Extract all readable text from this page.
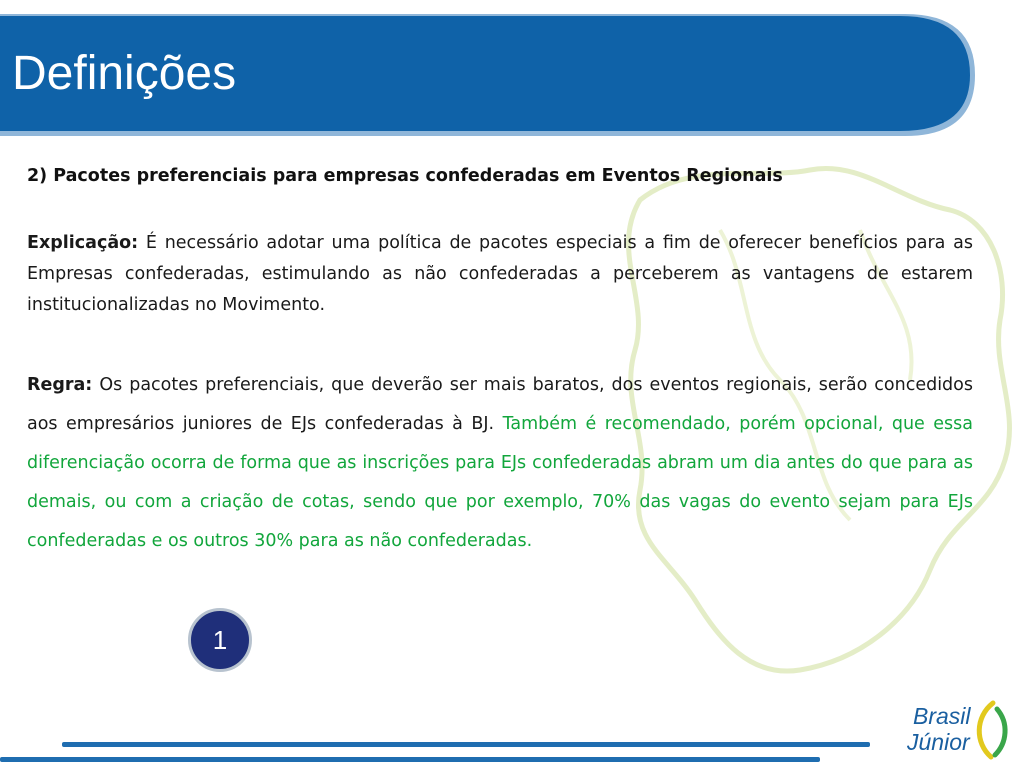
Definições

2) Pacotes preferenciais para empresas confederadas em Eventos Regionais

Explicação: É necessário adotar uma política de pacotes especiais a fim de oferecer benefícios para as Empresas confederadas, estimulando as não confederadas a perceberem as vantagens de estarem institucionalizadas no Movimento.

Regra: Os pacotes preferenciais, que deverão ser mais baratos, dos eventos regionais, serão concedidos aos empresários juniores de EJs confederadas à BJ. Também é recomendado, porém opcional, que essa diferenciação ocorra de forma que as inscrições para EJs confederadas abram um dia antes do que para as demais, ou com a criação de cotas, sendo que por exemplo, 70% das vagas do evento sejam para EJs confederadas e os outros 30% para as não confederadas.

1

Brasil

Júnior
